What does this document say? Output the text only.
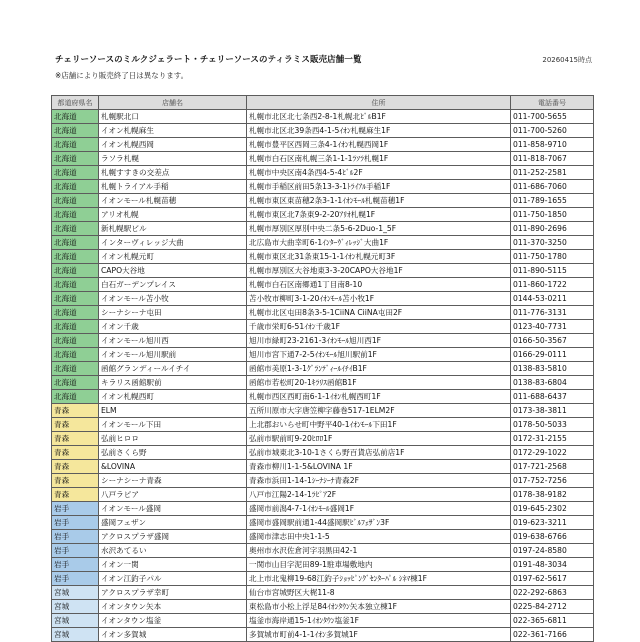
チェリーソースのミルクジェラート・チェリーソースのティラミス販売店舗一覧	20260415時点
※店舗により販売終了日は異なります。
都道府県名	店舗名	住所	電話番号
北海道	札幌駅北口	札幌市北区北七条西2-8-1札幌北ﾋﾞﾙB1F	011-700-5655
北海道	イオン札幌麻生	札幌市北区北39条西4-1-5ｲｵﾝ札幌麻生1F	011-700-5260
北海道	イオン札幌西岡	札幌市豊平区西岡三条4-1ｲｵﾝ札幌西岡1F	011-858-9710
北海道	ラソラ札幌	札幌市白石区南札幌三条1-1-1ﾗｿﾗ札幌1F	011-818-7067
北海道	札幌すすきの交差点	札幌市中央区南4条西4-5-4ﾋﾞﾙ2F	011-252-2581
北海道	札幌トライアル手稲	札幌市手稲区前田5条13-3-1ﾄﾗｲｱﾙ手稲1F	011-686-7060
北海道	イオンモール札幌苗穂	札幌市東区東苗穂2条3-1-1ｲｵﾝﾓｰﾙ札幌苗穂1F	011-789-1655
北海道	アリオ札幌	札幌市東区北7条東9-2-20ｱﾘｵ札幌1F	011-750-1850
北海道	新札幌駅ビル	札幌市厚別区厚別中央二条5-6-2Duo-1_5F	011-890-2696
北海道	インターヴィレッジ大曲	北広島市大曲幸町6-1ｲﾝﾀｰｳﾞｨﾚｯｼﾞ大曲1F	011-370-3250
北海道	イオン札幌元町	札幌市東区北31条東15-1-1ｲｵﾝ札幌元町3F	011-750-1780
北海道	CAPO大谷地	札幌市厚別区大谷地東3-3-20CAPO大谷地1F	011-890-5115
北海道	白石ガーデンプレイス	札幌市白石区南郷通1丁目南8-10	011-860-1722
北海道	イオンモール苫小牧	苫小牧市柳町3-1-20ｲｵﾝﾓｰﾙ苫小牧1F	0144-53-0211
北海道	シーナシーナ屯田	札幌市北区屯田8条3-5-1CiiNA CiiNA屯田2F	011-776-3131
北海道	イオン千歳	千歳市栄町6-51ｲｵﾝ千歳1F	0123-40-7731
北海道	イオンモール旭川西	旭川市緑町23-2161-3ｲｵﾝﾓｰﾙ旭川西1F	0166-50-3567
北海道	イオンモール旭川駅前	旭川市宮下通7-2-5ｲｵﾝﾓｰﾙ旭川駅前1F	0166-29-0111
北海道	函館グランディールイチイ	函館市美原1-3-1ｸﾞﾗﾝﾃﾞｨｰﾙｲﾁｲB1F	0138-83-5810
北海道	キラリス函館駅前	函館市若松町20-1ｷﾗﾘｽ函館B1F	0138-83-6804
北海道	イオン札幌西町	札幌市西区西町南6-1-1ｲｵﾝ札幌西町1F	011-688-6437
青森	ELM	五所川原市大字唐笠柳字藤巻517-1ELM2F	0173-38-3811
青森	イオンモール下田	上北郡おいらせ町中野平40-1ｲｵﾝﾓｰﾙ下田1F	0178-50-5033
青森	弘前ヒロロ	弘前市駅前町9-20ﾋﾛﾛ1F	0172-31-2155
青森	弘前さくら野	弘前市城東北3-10-1さくら野百貨店弘前店1F	0172-29-1022
青森	&LOVINA	青森市柳川1-1-5&LOVINA 1F	017-721-2568
青森	シーナシーナ青森	青森市浜田1-14-1ｼｰﾅｼｰﾅ青森2F	017-752-7256
青森	八戸ラピア	八戸市江陽2-14-1ﾗﾋﾟｱ2F	0178-38-9182
岩手	イオンモール盛岡	盛岡市前潟4-7-1ｲｵﾝﾓｰﾙ盛岡1F	019-645-2302
岩手	盛岡フェザン	盛岡市盛岡駅前通1-44盛岡駅ﾋﾞﾙﾌｪｻﾞﾝ3F	019-623-3211
岩手	アクロスプラザ盛岡	盛岡市津志田中央1-1-5	019-638-6766
岩手	水沢あてるい	奥州市水沢佐倉河字羽黒田42-1	0197-24-8580
岩手	イオン一関	一関市山目字泥田89-1駐車場敷地内	0191-48-3034
岩手	イオン江釣子パル	北上市北鬼柳19-68江釣子ｼｮｯﾋﾟﾝｸﾞｾﾝﾀｰﾊﾟﾙ ｼﾈﾏ棟1F	0197-62-5617
宮城	アクロスプラザ幸町	仙台市宮城野区大梶11-8	022-292-6863
宮城	イオンタウン矢本	東松島市小松上浮足84ｲｵﾝﾀｳﾝ矢本独立棟1F	0225-84-2712
宮城	イオンタウン塩釜	塩釜市海岸通15-1ｲｵﾝﾀｳﾝ塩釜1F	022-365-6811
宮城	イオン多賀城	多賀城市町前4-1-1ｲｵﾝ多賀城1F	022-361-7166
